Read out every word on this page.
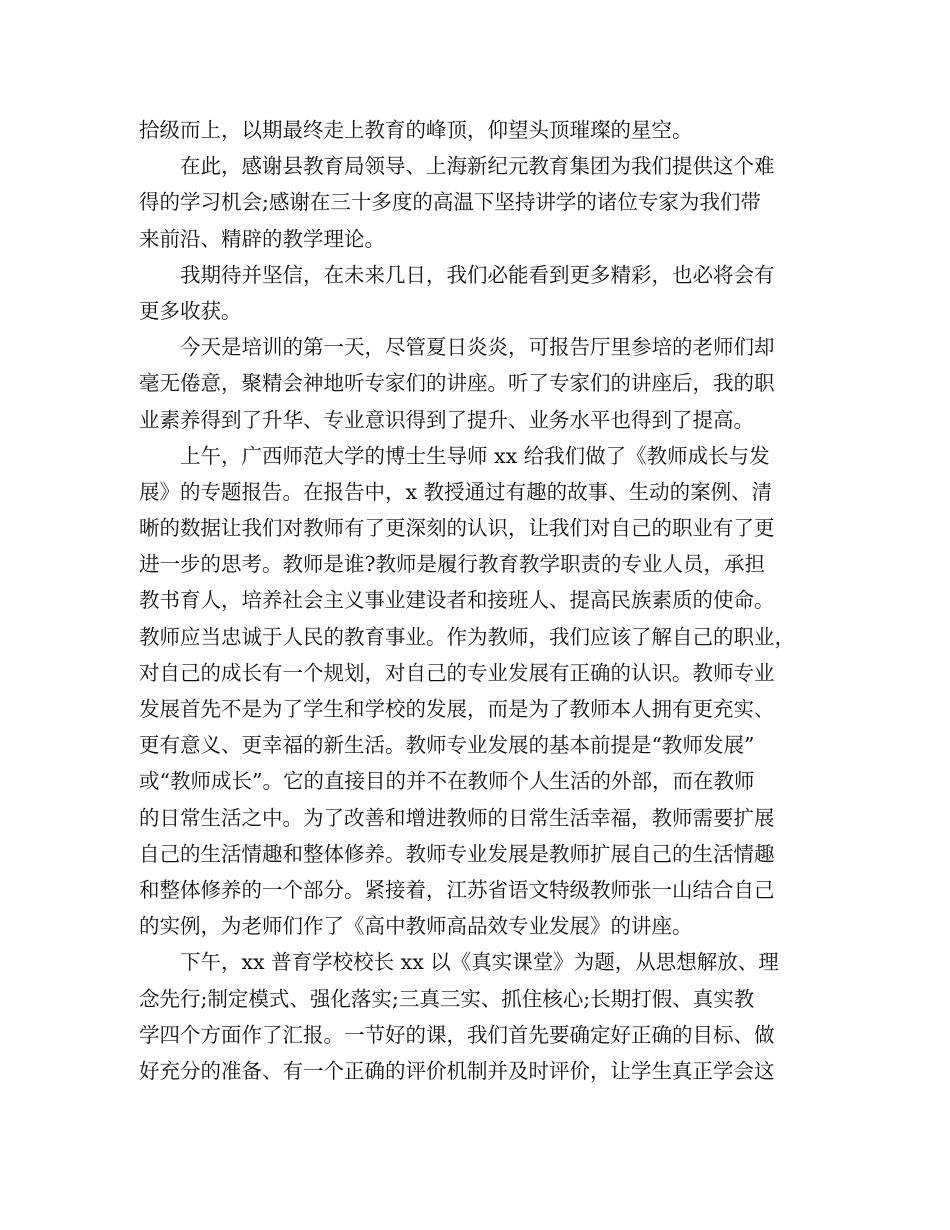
拾级而上，以期最终走上教育的峰顶，仰望头顶璀璨的星空。
在此，感谢县教育局领导、上海新纪元教育集团为我们提供这个难
得的学习机会;感谢在三十多度的高温下坚持讲学的诸位专家为我们带
来前沿、精辟的教学理论。
我期待并坚信，在未来几日，我们必能看到更多精彩，也必将会有
更多收获。
今天是培训的第一天，尽管夏日炎炎，可报告厅里参培的老师们却
毫无倦意，聚精会神地听专家们的讲座。听了专家们的讲座后，我的职
业素养得到了升华、专业意识得到了提升、业务水平也得到了提高。
上午，广西师范大学的博士生导师 xx 给我们做了《教师成长与发
展》的专题报告。在报告中，x 教授通过有趣的故事、生动的案例、清
晰的数据让我们对教师有了更深刻的认识，让我们对自己的职业有了更
进一步的思考。教师是谁?教师是履行教育教学职责的专业人员，承担
教书育人，培养社会主义事业建设者和接班人、提高民族素质的使命。
教师应当忠诚于人民的教育事业。作为教师，我们应该了解自己的职业，
对自己的成长有一个规划，对自己的专业发展有正确的认识。教师专业
发展首先不是为了学生和学校的发展，而是为了教师本人拥有更充实、
更有意义、更幸福的新生活。教师专业发展的基本前提是“教师发展”
或“教师成长”。它的直接目的并不在教师个人生活的外部，而在教师
的日常生活之中。为了改善和增进教师的日常生活幸福，教师需要扩展
自己的生活情趣和整体修养。教师专业发展是教师扩展自己的生活情趣
和整体修养的一个部分。紧接着，江苏省语文特级教师张一山结合自己
的实例，为老师们作了《高中教师高品效专业发展》的讲座。
下午，xx 普育学校校长 xx 以《真实课堂》为题，从思想解放、理
念先行;制定模式、强化落实;三真三实、抓住核心;长期打假、真实教
学四个方面作了汇报。一节好的课，我们首先要确定好正确的目标、做
好充分的准备、有一个正确的评价机制并及时评价，让学生真正学会这
